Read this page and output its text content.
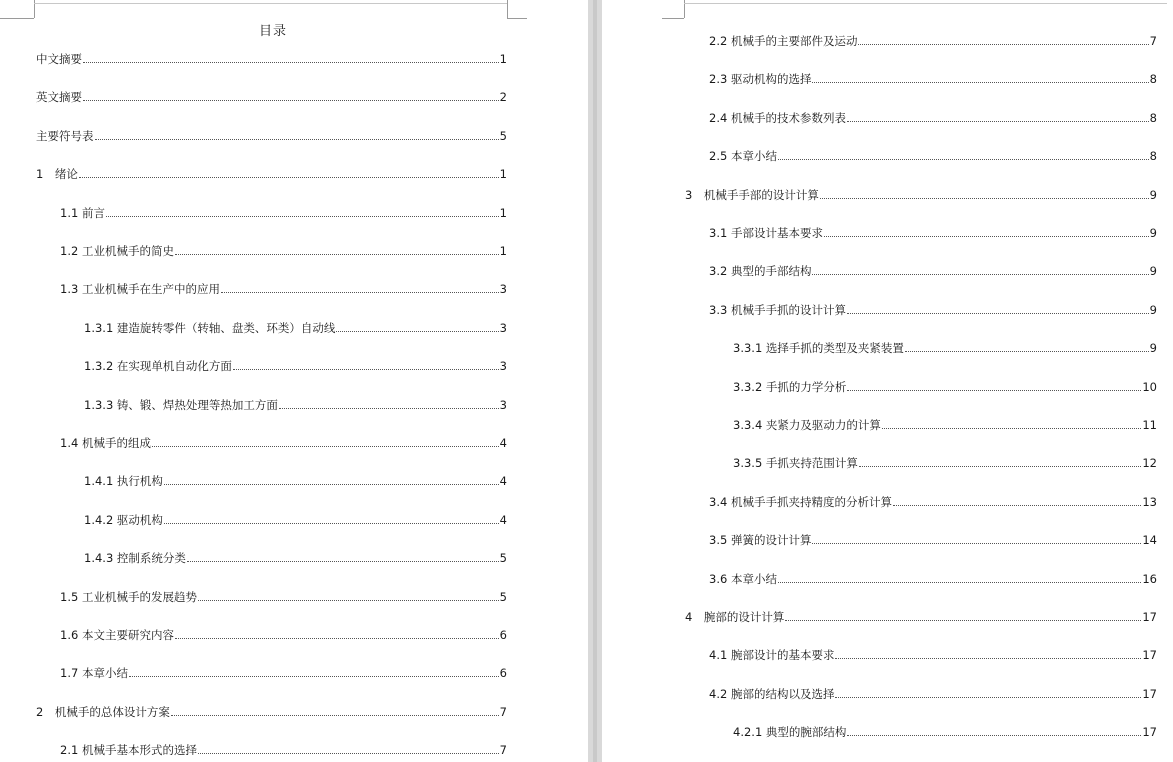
目录
中文摘要	1
英文摘要	2
主要符号表	5
1　绪论	1
1.1 前言	1
1.2 工业机械手的简史	1
1.3 工业机械手在生产中的应用	3
1.3.1 建造旋转零件（转轴、盘类、环类）自动线	3
1.3.2 在实现单机自动化方面	3
1.3.3 铸、锻、焊热处理等热加工方面	3
1.4 机械手的组成	4
1.4.1 执行机构	4
1.4.2 驱动机构	4
1.4.3 控制系统分类	5
1.5 工业机械手的发展趋势	5
1.6 本文主要研究内容	6
1.7 本章小结	6
2　机械手的总体设计方案	7
2.1 机械手基本形式的选择	7
2.2 机械手的主要部件及运动	7
2.3 驱动机构的选择	8
2.4 机械手的技术参数列表	8
2.5 本章小结	8
3　机械手手部的设计计算	9
3.1 手部设计基本要求	9
3.2 典型的手部结构	9
3.3 机械手手抓的设计计算	9
3.3.1 选择手抓的类型及夹紧装置	9
3.3.2 手抓的力学分析	10
3.3.4 夹紧力及驱动力的计算	11
3.3.5 手抓夹持范围计算	12
3.4 机械手手抓夹持精度的分析计算	13
3.5 弹簧的设计计算	14
3.6 本章小结	16
4　腕部的设计计算	17
4.1 腕部设计的基本要求	17
4.2 腕部的结构以及选择	17
4.2.1 典型的腕部结构	17
